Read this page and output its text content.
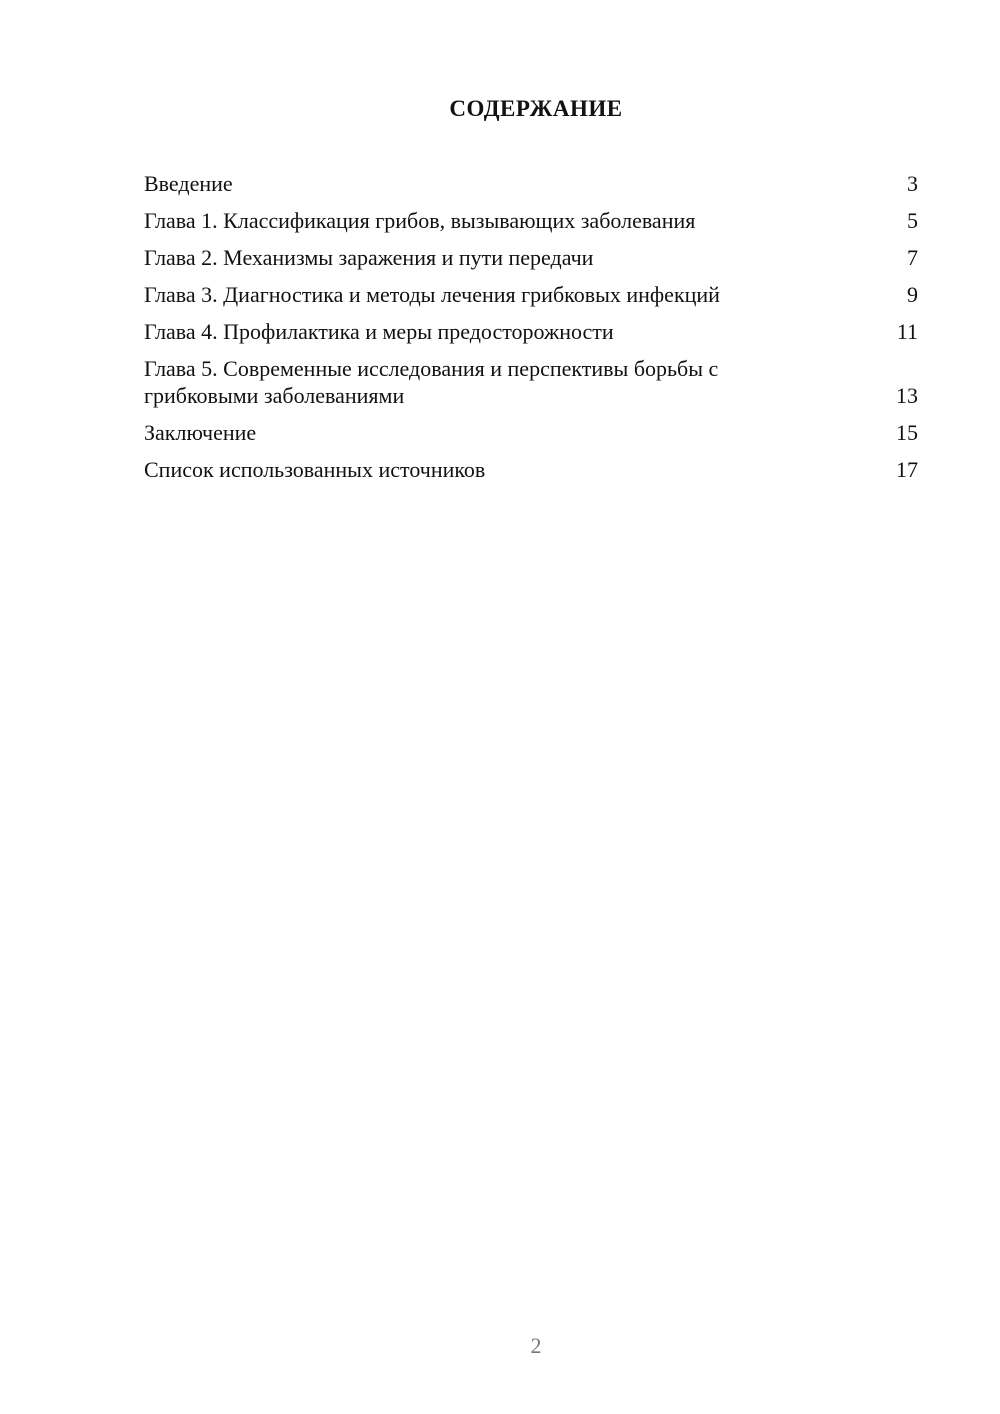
СОДЕРЖАНИЕ
Введение	3
Глава 1. Классификация грибов, вызывающих заболевания	5
Глава 2. Механизмы заражения и пути передачи	7
Глава 3. Диагностика и методы лечения грибковых инфекций	9
Глава 4. Профилактика и меры предосторожности	11
Глава 5. Современные исследования и перспективы борьбы с грибковыми заболеваниями	13
Заключение	15
Список использованных источников	17
2
